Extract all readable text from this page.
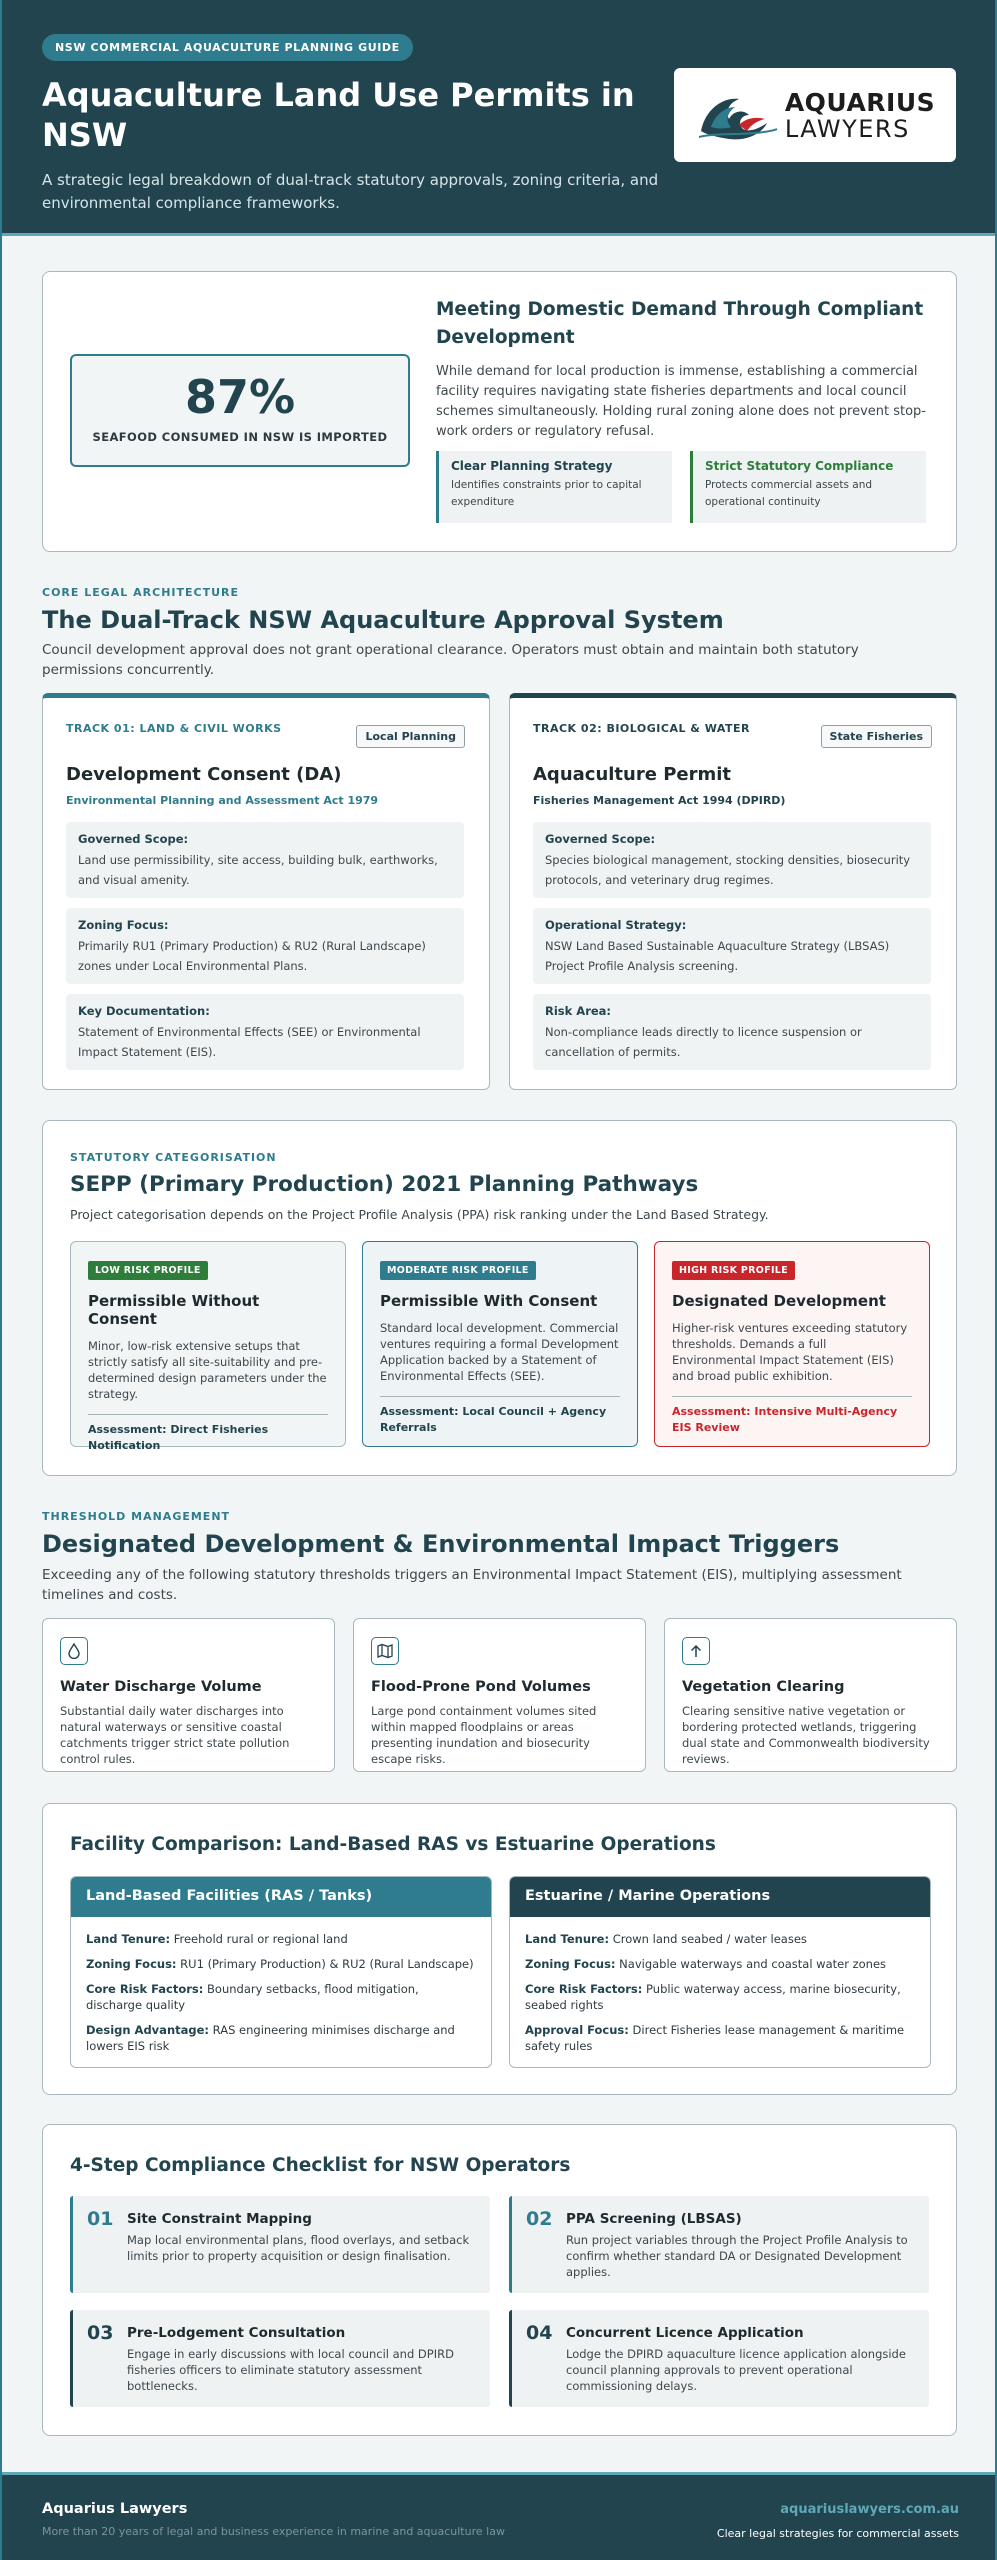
NSW COMMERCIAL AQUACULTURE PLANNING GUIDE
Aquaculture Land Use Permits in NSW
A strategic legal breakdown of dual-track statutory approvals, zoning criteria, and environmental compliance frameworks.
AQUARIUS
LAWYERS
87%
SEAFOOD CONSUMED IN NSW IS IMPORTED
Meeting Domestic Demand Through Compliant Development
While demand for local production is immense, establishing a commercial facility requires navigating state fisheries departments and local council schemes simultaneously. Holding rural zoning alone does not prevent stop-work orders or regulatory refusal.
Clear Planning Strategy
Identifies constraints prior to capital expenditure
Strict Statutory Compliance
Protects commercial assets and operational continuity
CORE LEGAL ARCHITECTURE
The Dual-Track NSW Aquaculture Approval System
Council development approval does not grant operational clearance. Operators must obtain and maintain both statutory permissions concurrently.
TRACK 01: LAND & CIVIL WORKS
Local Planning
Development Consent (DA)
Environmental Planning and Assessment Act 1979
Governed Scope:
Land use permissibility, site access, building bulk, earthworks, and visual amenity.
Zoning Focus:
Primarily RU1 (Primary Production) & RU2 (Rural Landscape) zones under Local Environmental Plans.
Key Documentation:
Statement of Environmental Effects (SEE) or Environmental Impact Statement (EIS).
TRACK 02: BIOLOGICAL & WATER
State Fisheries
Aquaculture Permit
Fisheries Management Act 1994 (DPIRD)
Governed Scope:
Species biological management, stocking densities, biosecurity protocols, and veterinary drug regimes.
Operational Strategy:
NSW Land Based Sustainable Aquaculture Strategy (LBSAS) Project Profile Analysis screening.
Risk Area:
Non-compliance leads directly to licence suspension or cancellation of permits.
STATUTORY CATEGORISATION
SEPP (Primary Production) 2021 Planning Pathways
Project categorisation depends on the Project Profile Analysis (PPA) risk ranking under the Land Based Strategy.
LOW RISK PROFILE
Permissible Without Consent
Minor, low-risk extensive setups that strictly satisfy all site-suitability and pre-determined design parameters under the strategy.
Assessment: Direct Fisheries Notification
MODERATE RISK PROFILE
Permissible With Consent
Standard local development. Commercial ventures requiring a formal Development Application backed by a Statement of Environmental Effects (SEE).
Assessment: Local Council + Agency Referrals
HIGH RISK PROFILE
Designated Development
Higher-risk ventures exceeding statutory thresholds. Demands a full Environmental Impact Statement (EIS) and broad public exhibition.
Assessment: Intensive Multi-Agency EIS Review
THRESHOLD MANAGEMENT
Designated Development & Environmental Impact Triggers
Exceeding any of the following statutory thresholds triggers an Environmental Impact Statement (EIS), multiplying assessment timelines and costs.
Water Discharge Volume
Substantial daily water discharges into natural waterways or sensitive coastal catchments trigger strict state pollution control rules.
Flood-Prone Pond Volumes
Large pond containment volumes sited within mapped floodplains or areas presenting inundation and biosecurity escape risks.
Vegetation Clearing
Clearing sensitive native vegetation or bordering protected wetlands, triggering dual state and Commonwealth biodiversity reviews.
Facility Comparison: Land-Based RAS vs Estuarine Operations
Land-Based Facilities (RAS / Tanks)
Land Tenure: Freehold rural or regional land
Zoning Focus: RU1 (Primary Production) & RU2 (Rural Landscape)
Core Risk Factors: Boundary setbacks, flood mitigation, discharge quality
Design Advantage: RAS engineering minimises discharge and lowers EIS risk
Estuarine / Marine Operations
Land Tenure: Crown land seabed / water leases
Zoning Focus: Navigable waterways and coastal water zones
Core Risk Factors: Public waterway access, marine biosecurity, seabed rights
Approval Focus: Direct Fisheries lease management & maritime safety rules
4-Step Compliance Checklist for NSW Operators
01 Site Constraint Mapping
Map local environmental plans, flood overlays, and setback limits prior to property acquisition or design finalisation.
02 PPA Screening (LBSAS)
Run project variables through the Project Profile Analysis to confirm whether standard DA or Designated Development applies.
03 Pre-Lodgement Consultation
Engage in early discussions with local council and DPIRD fisheries officers to eliminate statutory assessment bottlenecks.
04 Concurrent Licence Application
Lodge the DPIRD aquaculture licence application alongside council planning approvals to prevent operational commissioning delays.
Aquarius Lawyers
More than 20 years of legal and business experience in marine and aquaculture law
aquariuslawyers.com.au
Clear legal strategies for commercial assets
